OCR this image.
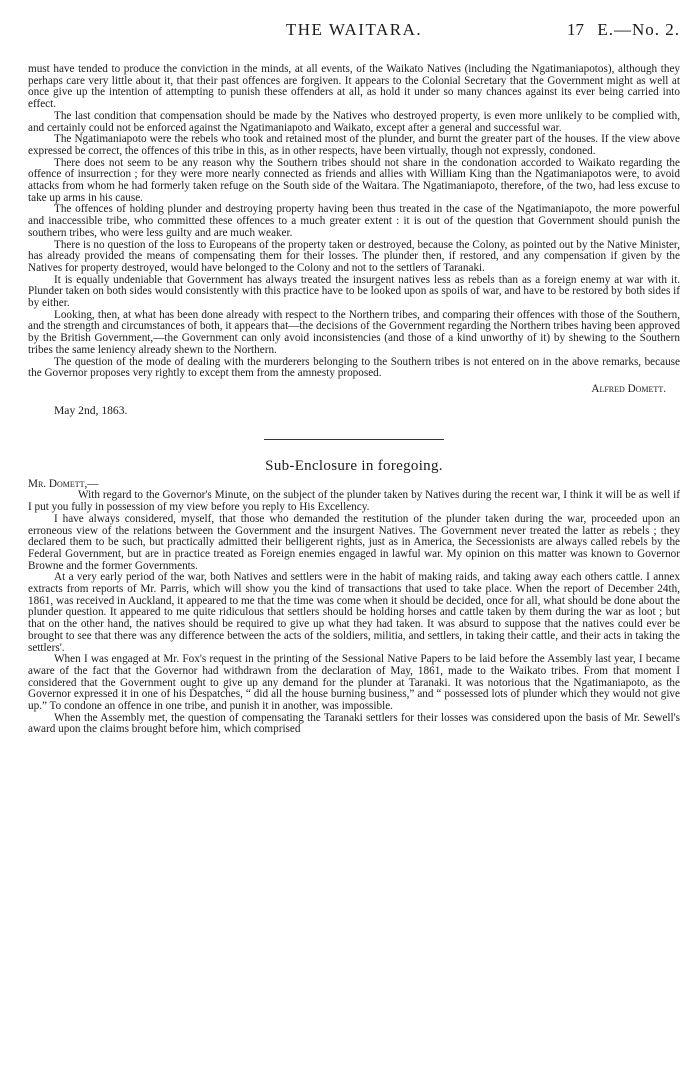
THE WAITARA.	17 E.—No. 2.

must have tended to produce the conviction in the minds, at all events, of the Waikato Natives (including the Ngatimaniapotos), although they perhaps care very little about it, that their past offences are forgiven. It appears to the Colonial Secretary that the Government might as well at once give up the intention of attempting to punish these offenders at all, as hold it under so many chances against its ever being carried into effect.

The last condition that compensation should be made by the Natives who destroyed property, is even more unlikely to be complied with, and certainly could not be enforced against the Ngatimaniapoto and Waikato, except after a general and successful war.

The Ngatimaniapoto were the rebels who took and retained most of the plunder, and burnt the greater part of the houses. If the view above expressed be correct, the offences of this tribe in this, as in other respects, have been virtually, though not expressly, condoned.

There does not seem to be any reason why the Southern tribes should not share in the condonation accorded to Waikato regarding the offence of insurrection ; for they were more nearly connected as friends and allies with William King than the Ngatimaniapotos were, to avoid attacks from whom he had formerly taken refuge on the South side of the Waitara. The Ngatimaniapoto, therefore, of the two, had less excuse to take up arms in his cause.

The offences of holding plunder and destroying property having been thus treated in the case of the Ngatimaniapoto, the more powerful and inaccessible tribe, who committed these offences to a much greater extent : it is out of the question that Government should punish the southern tribes, who were less guilty and are much weaker.

There is no question of the loss to Europeans of the property taken or destroyed, because the Colony, as pointed out by the Native Minister, has already provided the means of compensating them for their losses. The plunder then, if restored, and any compensation if given by the Natives for property destroyed, would have belonged to the Colony and not to the settlers of Taranaki.

It is equally undeniable that Government has always treated the insurgent natives less as rebels than as a foreign enemy at war with it. Plunder taken on both sides would consistently with this practice have to be looked upon as spoils of war, and have to be restored by both sides if by either.

Looking, then, at what has been done already with respect to the Northern tribes, and comparing their offences with those of the Southern, and the strength and circumstances of both, it appears that—the decisions of the Government regarding the Northern tribes having been approved by the British Government,—the Government can only avoid inconsistencies (and those of a kind unworthy of it) by shewing to the Southern tribes the same leniency already shewn to the Northern.

The question of the mode of dealing with the murderers belonging to the Southern tribes is not entered on in the above remarks, because the Governor proposes very rightly to except them from the amnesty proposed.

Alfred Domett.
May 2nd, 1863.
Sub-Enclosure in foregoing.
Mr. Domett,—

With regard to the Governor's Minute, on the subject of the plunder taken by Natives during the recent war, I think it will be as well if I put you fully in possession of my view before you reply to His Excellency.

I have always considered, myself, that those who demanded the restitution of the plunder taken during the war, proceeded upon an erroneous view of the relations between the Government and the insurgent Natives. The Government never treated the latter as rebels ; they declared them to be such, but practically admitted their belligerent rights, just as in America, the Secessionists are always called rebels by the Federal Government, but are in practice treated as Foreign enemies engaged in lawful war. My opinion on this matter was known to Governor Browne and the former Governments.

At a very early period of the war, both Natives and settlers were in the habit of making raids, and taking away each others cattle. I annex extracts from reports of Mr. Parris, which will show you the kind of transactions that used to take place. When the report of December 24th, 1861, was received in Auckland, it appeared to me that the time was come when it should be decided, once for all, what should be done about the plunder question. It appeared to me quite ridiculous that settlers should be holding horses and cattle taken by them during the war as loot ; but that on the other hand, the natives should be required to give up what they had taken. It was absurd to suppose that the natives could ever be brought to see that there was any difference between the acts of the soldiers, militia, and settlers, in taking their cattle, and their acts in taking the settlers'.

When I was engaged at Mr. Fox's request in the printing of the Sessional Native Papers to be laid before the Assembly last year, I became aware of the fact that the Governor had withdrawn from the declaration of May, 1861, made to the Waikato tribes. From that moment I considered that the Government ought to give up any demand for the plunder at Taranaki. It was notorious that the Ngatimaniapoto, as the Governor expressed it in one of his Despatches, “ did all the house burning business,” and “ possessed lots of plunder which they would not give up.” To condone an offence in one tribe, and punish it in another, was impossible.

When the Assembly met, the question of compensating the Taranaki settlers for their losses was considered upon the basis of Mr. Sewell's award upon the claims brought before him, which comprised
